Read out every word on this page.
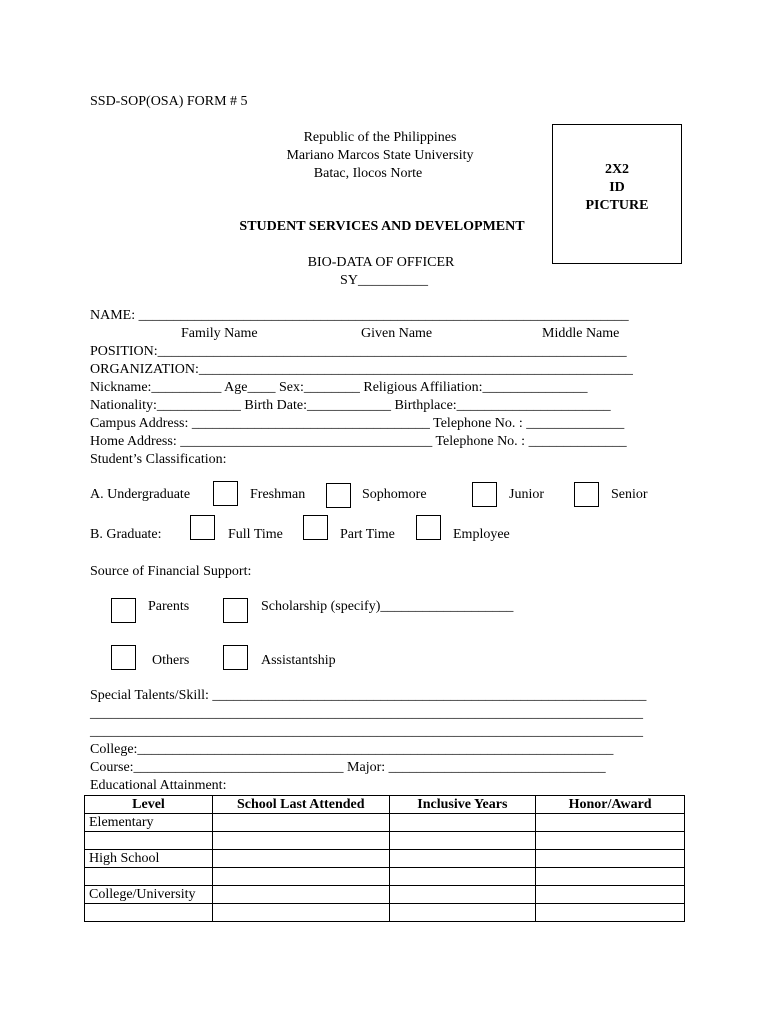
SSD-SOP(OSA) FORM # 5
Republic of the Philippines
Mariano Marcos State University
Batac, Ilocos Norte
STUDENT SERVICES AND DEVELOPMENT
BIO-DATA OF OFFICER
SY__________
2X2
ID
PICTURE
NAME: ______________________________________________________________________
Family Name	Given Name	Middle Name
POSITION:___________________________________________________________________
ORGANIZATION:______________________________________________________________
Nickname:__________ Age____ Sex:________ Religious Affiliation:_______________
Nationality:____________ Birth Date:____________ Birthplace:______________________
Campus Address: __________________________________ Telephone No. : ______________
Home Address: ____________________________________ Telephone No. : ______________
Student’s Classification:
A. Undergraduate	Freshman	Sophomore	Junior	Senior
B. Graduate:	Full Time	Part Time	Employee
Source of Financial Support:
Parents	Scholarship (specify)___________________
Others	Assistantship
Special Talents/Skill: ______________________________________________________________
_______________________________________________________________________________
_______________________________________________________________________________
College:____________________________________________________________________
Course:______________________________ Major: _______________________________
Educational Attainment:
Level	School Last Attended	Inclusive Years	Honor/Award
Elementary			

High School			

College/University			
